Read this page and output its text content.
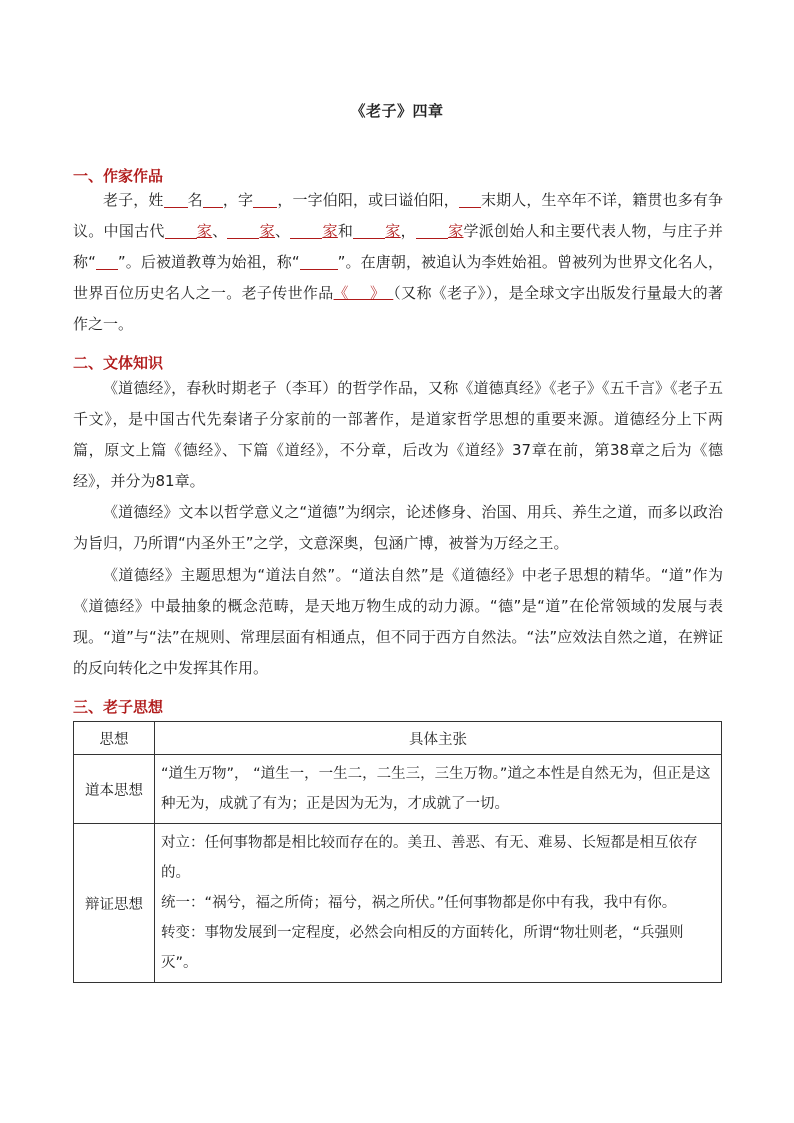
《老子》四章
一、作家作品

老子，姓 名 ，字 ，一字伯阳，或曰谥伯阳， 末期人，生卒年不详，籍贯也多有争议。中国古代 家、 家、 家和 家， 家学派创始人和主要代表人物，与庄子并称“ ”。后被道教尊为始祖，称“	”。在唐朝，被追认为李姓始祖。曾被列为世界文化名人，世界百位历史名人之一。老子传世作品《 》（又称《老子》），是全球文字出版发行量最大的著作之一。

二、文体知识

《道德经》，春秋时期老子（李耳）的哲学作品，又称《道德真经》《老子》《五千言》《老子五千文》，是中国古代先秦诸子分家前的一部著作，是道家哲学思想的重要来源。道德经分上下两篇，原文上篇《德经》、下篇《道经》，不分章，后改为《道经》37章在前，第38章之后为《德经》，并分为81章。

《道德经》文本以哲学意义之“道德”为纲宗，论述修身、治国、用兵、养生之道，而多以政治为旨归，乃所谓“内圣外王”之学，文意深奥，包涵广博，被誉为万经之王。

《道德经》主题思想为“道法自然”。“道法自然”是《道德经》中老子思想的精华。“道”作为《道德经》中最抽象的概念范畴，是天地万物生成的动力源。“德”是“道”在伦常领域的发展与表现。“道”与“法”在规则、常理层面有相通点，但不同于西方自然法。“法”应效法自然之道，在辨证的反向转化之中发挥其作用。

三、老子思想
思想	具体主张
道本思想	“道生万物”， “道生一，一生二，二生三，三生万物。”道之本性是自然无为，但正是这种无为，成就了有为；正是因为无为，才成就了一切。

辩证思想	对立：任何事物都是相比较而存在的。美丑、善恶、有无、难易、长短都是相互依存的。
统一：“祸兮，福之所倚；福兮，祸之所伏。”任何事物都是你中有我，我中有你。
转变：事物发展到一定程度，必然会向相反的方面转化，所谓“物壮则老，“兵强则灭”。
